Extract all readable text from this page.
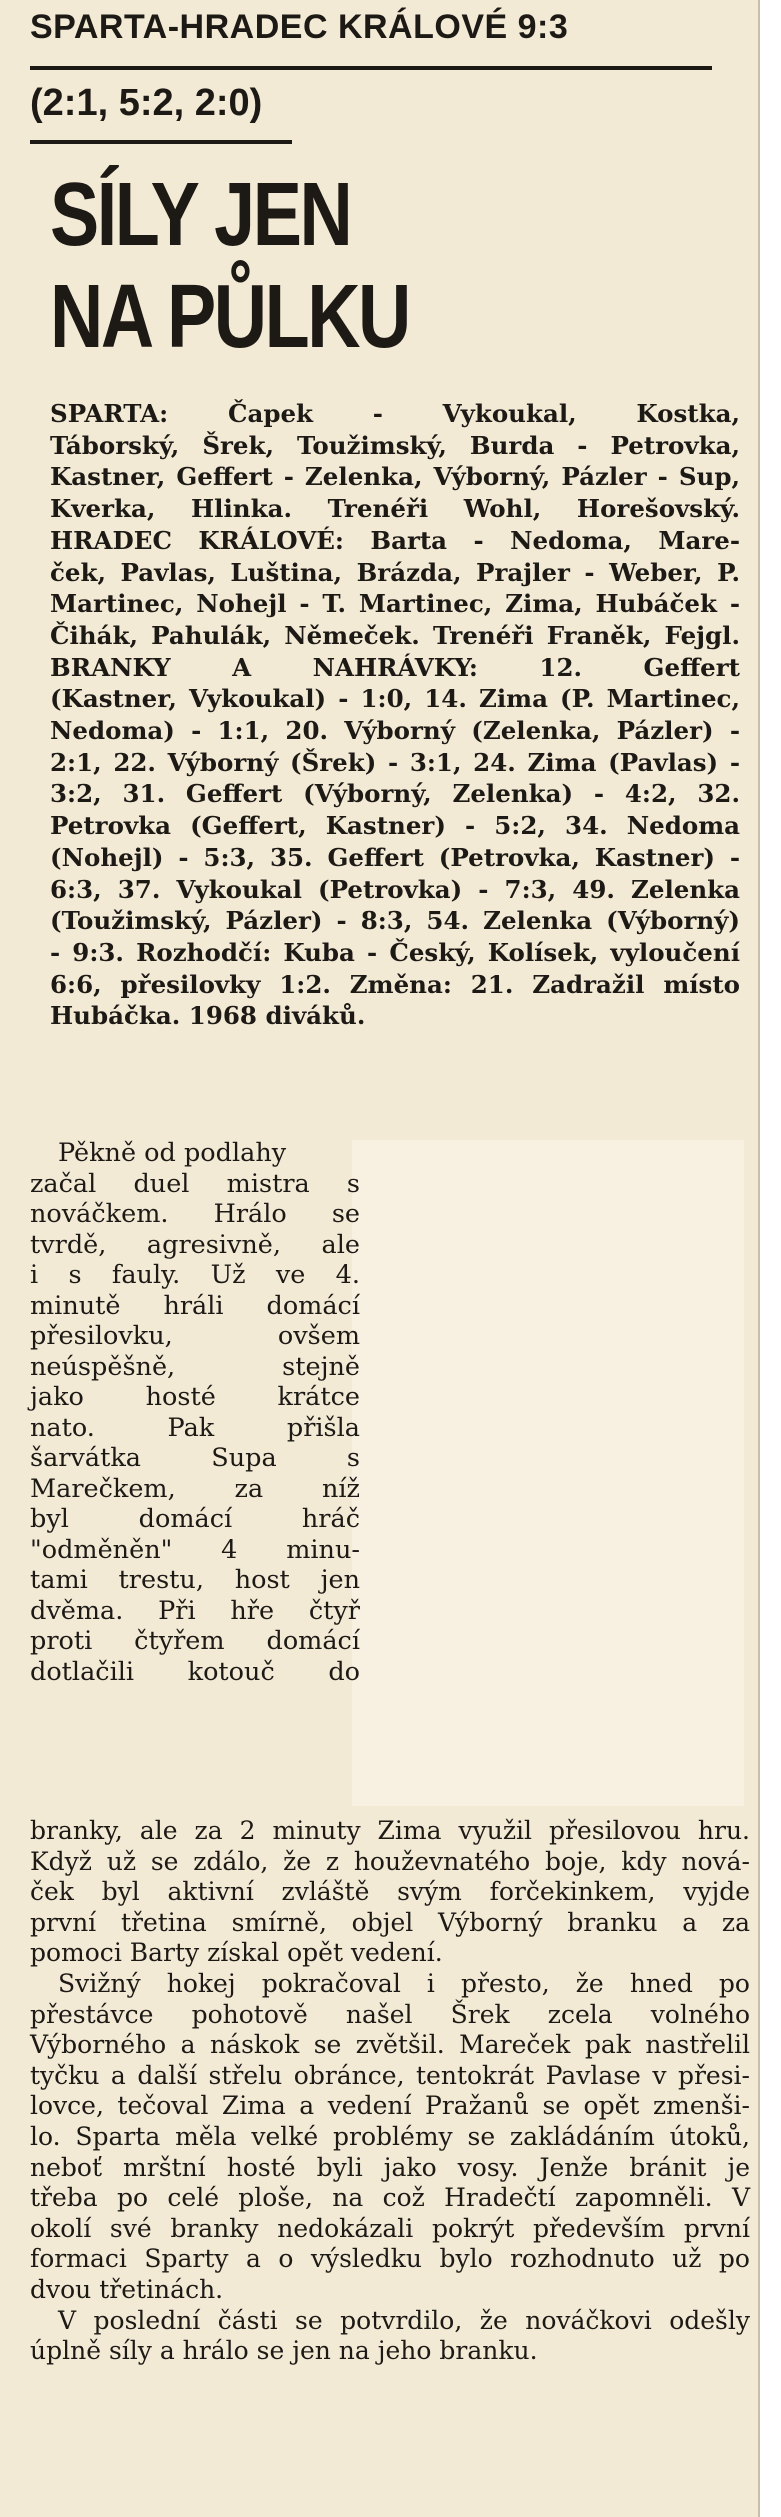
SPARTA-HRADEC KRÁLOVÉ 9:3
(2:1, 5:2, 2:0)
SÍLY JEN
NA PŮLKU
SPARTA: Čapek - Vykoukal, Kostka,
Táborský, Šrek, Toužimský, Burda - Petrovka,
Kastner, Geffert - Zelenka, Výborný, Pázler - Sup,
Kverka, Hlinka. Trenéři Wohl, Horešovský.
HRADEC KRÁLOVÉ: Barta - Nedoma, Mare-
ček, Pavlas, Luština, Brázda, Prajler - Weber, P.
Martinec, Nohejl - T. Martinec, Zima, Hubáček -
Čihák, Pahulák, Němeček. Trenéři Franěk, Fejgl.
BRANKY A NAHRÁVKY: 12. Geffert
(Kastner, Vykoukal) - 1:0, 14. Zima (P. Martinec,
Nedoma) - 1:1, 20. Výborný (Zelenka, Pázler) -
2:1, 22. Výborný (Šrek) - 3:1, 24. Zima (Pavlas) -
3:2, 31. Geffert (Výborný, Zelenka) - 4:2, 32.
Petrovka (Geffert, Kastner) - 5:2, 34. Nedoma
(Nohejl) - 5:3, 35. Geffert (Petrovka, Kastner) -
6:3, 37. Vykoukal (Petrovka) - 7:3, 49. Zelenka
(Toužimský, Pázler) - 8:3, 54. Zelenka (Výborný)
- 9:3. Rozhodčí: Kuba - Český, Kolísek, vyloučení
6:6, přesilovky 1:2. Změna: 21. Zadražil místo
Hubáčka. 1968 diváků.
Pěkně od podlahy
začal duel mistra s
nováčkem. Hrálo se
tvrdě, agresivně, ale
i s fauly. Už ve 4.
minutě hráli domácí
přesilovku, ovšem
neúspěšně, stejně
jako hosté krátce
nato. Pak přišla
šarvátka Supa s
Marečkem, za níž
byl domácí hráč
"odměněn" 4 minu-
tami trestu, host jen
dvěma. Při hře čtyř
proti čtyřem domácí
dotlačili kotouč do
branky, ale za 2 minuty Zima využil přesilovou hru.
Když už se zdálo, že z houževnatého boje, kdy nová-
ček byl aktivní zvláště svým forčekinkem, vyjde
první třetina smírně, objel Výborný branku a za
pomoci Barty získal opět vedení.
Svižný hokej pokračoval i přesto, že hned po
přestávce pohotově našel Šrek zcela volného
Výborného a náskok se zvětšil. Mareček pak nastřelil
tyčku a další střelu obránce, tentokrát Pavlase v přesi-
lovce, tečoval Zima a vedení Pražanů se opět zmenši-
lo. Sparta měla velké problémy se zakládáním útoků,
neboť mrštní hosté byli jako vosy. Jenže bránit je
třeba po celé ploše, na což Hradečtí zapomněli. V
okolí své branky nedokázali pokrýt především první
formaci Sparty a o výsledku bylo rozhodnuto už po
dvou třetinách.
V poslední části se potvrdilo, že nováčkovi odešly
úplně síly a hrálo se jen na jeho branku.
